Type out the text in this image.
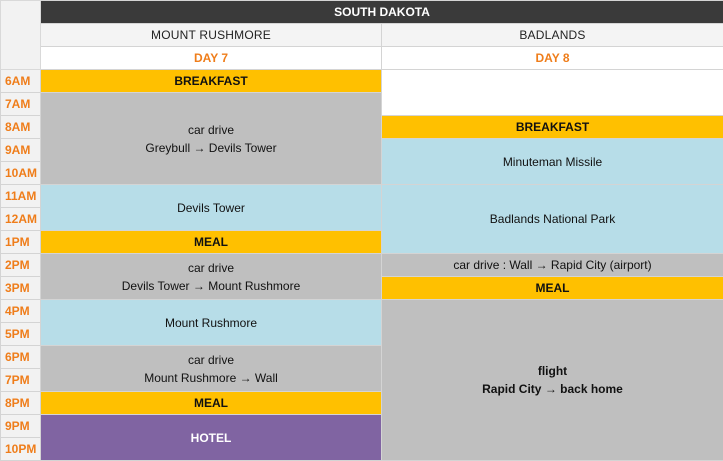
	SOUTH DAKOTA	
	MOUNT RUSHMORE	BADLANDS
	DAY 7	DAY 8
6AM	BREAKFAST	
7AM	car drive
Greybull → Devils Tower	

8AM		BREAKFAST
9AM		Minuteman Missile
10AM		
11AM	Devils Tower	Badlands National Park
12AM		
1PM	MEAL	
2PM	car drive
Devils Tower → Mount Rushmore	car drive : Wall → Rapid City (airport)
3PM		MEAL
4PM	Mount Rushmore	flight
Rapid City → back home

5PM		
6PM	car drive
Mount Rushmore → Wall	

7PM		
8PM	MEAL	
9PM	HOTEL	
10PM		
